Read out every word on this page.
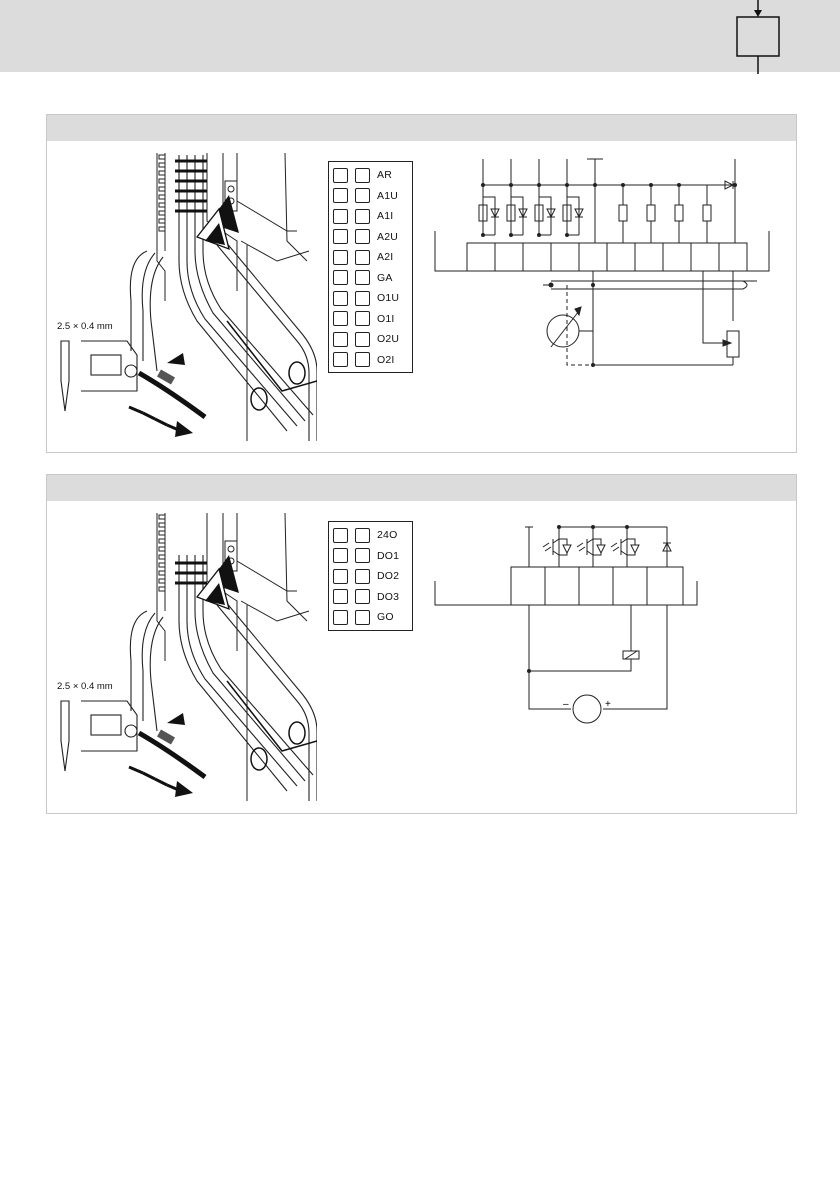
2.5 × 0.4 mm
AR
A1U
A1I
A2U
A2I
GA
O1U
O1I
O2U
O2I
2.5 × 0.4 mm
24O
DO1
DO2
DO3
GO
–	+
